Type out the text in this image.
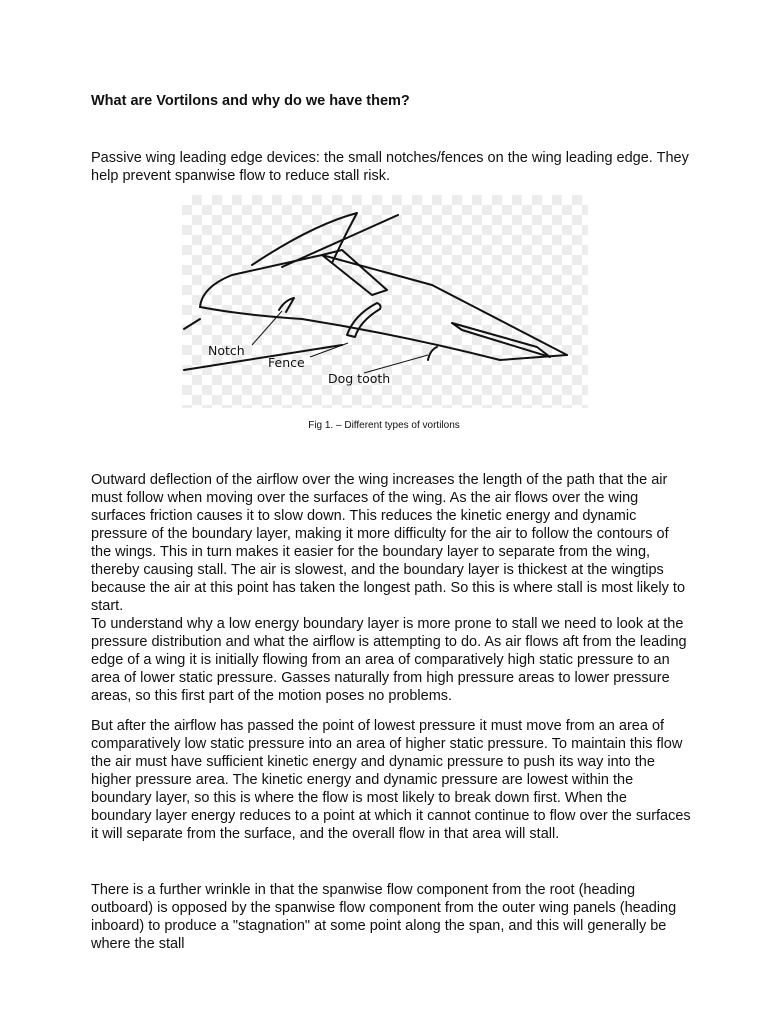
What are Vortilons and why do we have them?

Passive wing leading edge devices: the small notches/fences on the wing leading edge. They help prevent spanwise flow to reduce stall risk.

Notch
Fence
Dog tooth

Fig 1. – Different types of vortilons

Outward deflection of the airflow over the wing increases the length of the path that the air must follow when moving over the surfaces of the wing. As the air flows over the wing surfaces friction causes it to slow down. This reduces the kinetic energy and dynamic pressure of the boundary layer, making it more difficulty for the air to follow the contours of the wings. This in turn makes it easier for the boundary layer to separate from the wing, thereby causing stall. The air is slowest, and the boundary layer is thickest at the wingtips because the air at this point has taken the longest path. So this is where stall is most likely to start.

To understand why a low energy boundary layer is more prone to stall we need to look at the pressure distribution and what the airflow is attempting to do. As air flows aft from the leading edge of a wing it is initially flowing from an area of comparatively high static pressure to an area of lower static pressure. Gasses naturally from high pressure areas to lower pressure areas, so this first part of the motion poses no problems.

But after the airflow has passed the point of lowest pressure it must move from an area of comparatively low static pressure into an area of higher static pressure. To maintain this flow the air must have sufficient kinetic energy and dynamic pressure to push its way into the higher pressure area. The kinetic energy and dynamic pressure are lowest within the boundary layer, so this is where the flow is most likely to break down first. When the boundary layer energy reduces to a point at which it cannot continue to flow over the surfaces it will separate from the surface, and the overall flow in that area will stall.

There is a further wrinkle in that the spanwise flow component from the root (heading outboard) is opposed by the spanwise flow component from the outer wing panels (heading inboard) to produce a "stagnation" at some point along the span, and this will generally be where the stall
